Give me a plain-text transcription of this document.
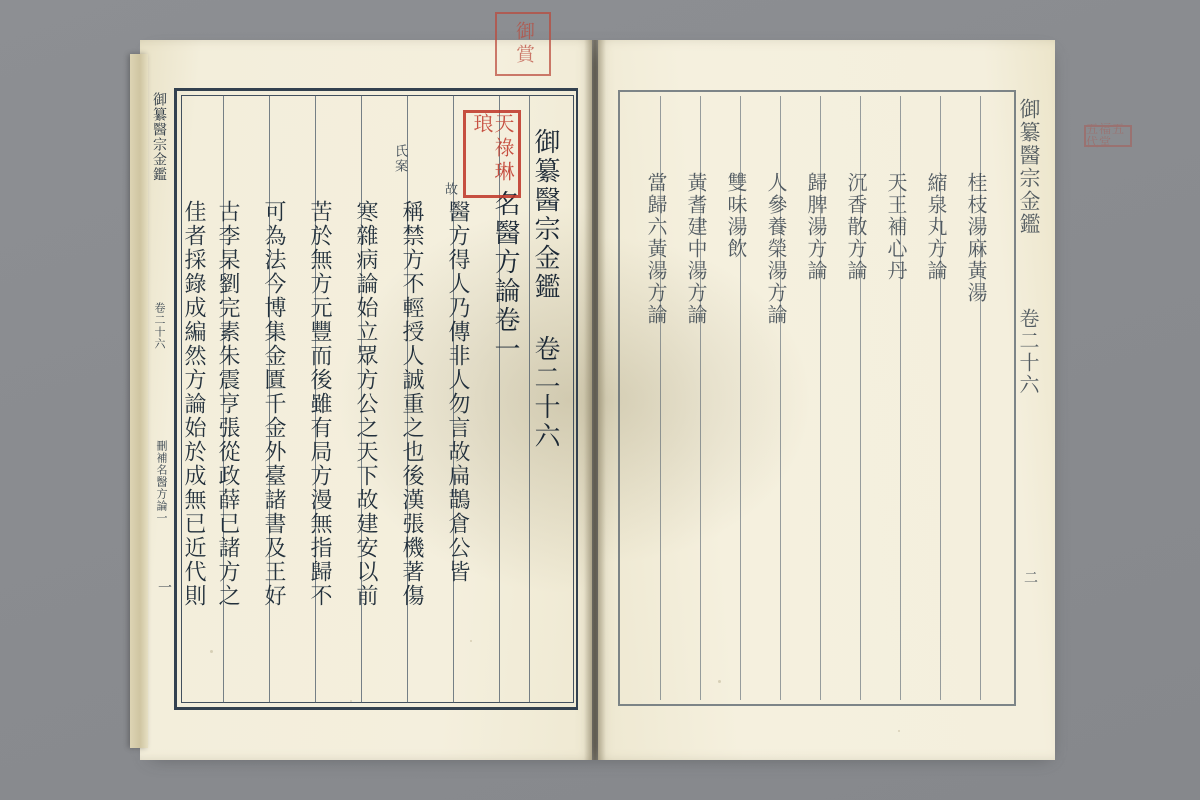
御纂醫宗金鑑
卷二十六
刪補名醫方論一
一
御纂醫宗金鑑 卷二十六
名醫方論卷一
醫方得人乃傳非人勿言故扁鵲倉公皆
稱禁方不輕授人誠重之也後漢張機著傷
寒雜病論始立眾方公之天下故建安以前
苦於無方元豐而後雖有局方漫無指歸不
可為法今博集金匱千金外臺諸書及王好
古李杲劉完素朱震亨張從政薛已諸方之
佳者採錄成編然方論始於成無已近代則
氏案
故
御賞
天祿琳琅	御纂醫宗金鑑
卷二十六
二
桂枝湯麻黃湯
縮泉丸方論
天王補心丹
沉香散方論
歸脾湯方論
人參養榮湯方論
雙味湯飲
黃耆建中湯方論
當歸六黃湯方論
五福五代堂
